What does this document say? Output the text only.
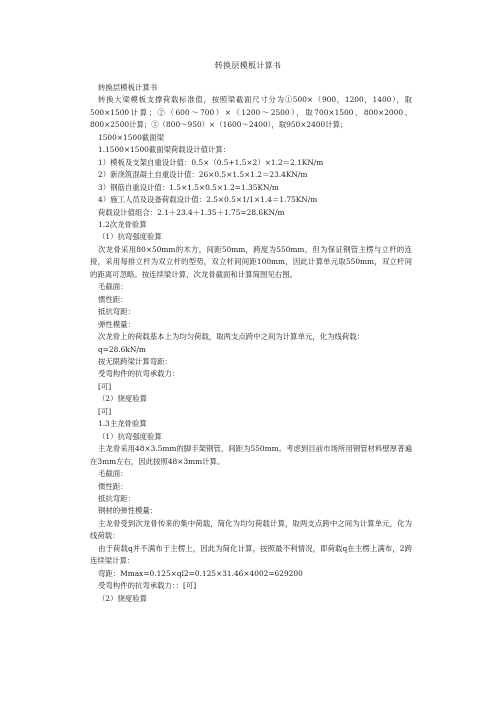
转换层模板计算书

转换层模板计算书

转换大梁模板支撑荷载标准值，按照梁截面尺寸分为①500×（900，1200，1400），取500×1500计算；②（600～700）×（1200～2500），取700×1500、800×2000、800×2500计算；③（800～950）×（1600～2400），取950×2400计算；

1500×1500截面梁

1.1500×1500截面梁荷载设计值计算：

1）模板及支架自重设计值：0.5×（0.5+1.5×2）×1.2＝2.1KN/m

2）新浇筑混凝土自重设计值：26×0.5×1.5×1.2＝23.4KN/m

3）钢筋自重设计值：1.5×1.5×0.5×1.2=1.35KN/m

4）施工人员及设备荷载设计值：2.5×0.5×1/1×1.4＝1.75KN/m

荷载设计值组合：2.1＋23.4＋1.35＋1.75=28.6KN/m

1.2次龙骨验算

（1）抗弯强度验算

次龙骨采用80×50mm的木方，间距50mm，跨度为550mm，但为保证钢管主楞与立杆的连接，采用每排立杆为双立杆的型势，双立杆间间距100mm，因此计算单元取550mm，双立杆间的距离可忽略。按连续梁计算，次龙骨截面和计算简图见右图。

毛截面：

惯性距：

抵抗弯距：

弹性模量：

次龙骨上的荷载基本上为均匀荷载，取两支点跨中之间为计算单元，化为线荷载：

q=28.6kN/m

按无限跨梁计算弯距：

受弯构件的抗弯承载力：

[可]

（2）挠度验算

[可]

1.3主龙骨验算

（1）抗弯强度验算

主龙骨采用48×3.5mm的脚手架钢管，间距为550mm。考虑到目前市场所用钢管材料壁厚普遍在3mm左右，因此按照48×3mm计算。

毛截面：

惯性距：

抵抗弯距：

钢材的弹性模量：

主龙骨受到次龙骨传来的集中荷载，简化为均匀荷载计算，取两支点跨中之间为计算单元，化为线荷载：

由于荷载q并不满布于主楞上，因此为简化计算，按照最不利情况，即荷载q在主楞上满布，2跨连续梁计算：

弯距：Mmax=0.125×ql2=0.125×31.46×4002=629200

受弯构件的抗弯承载力：：[可]

（2）挠度验算
